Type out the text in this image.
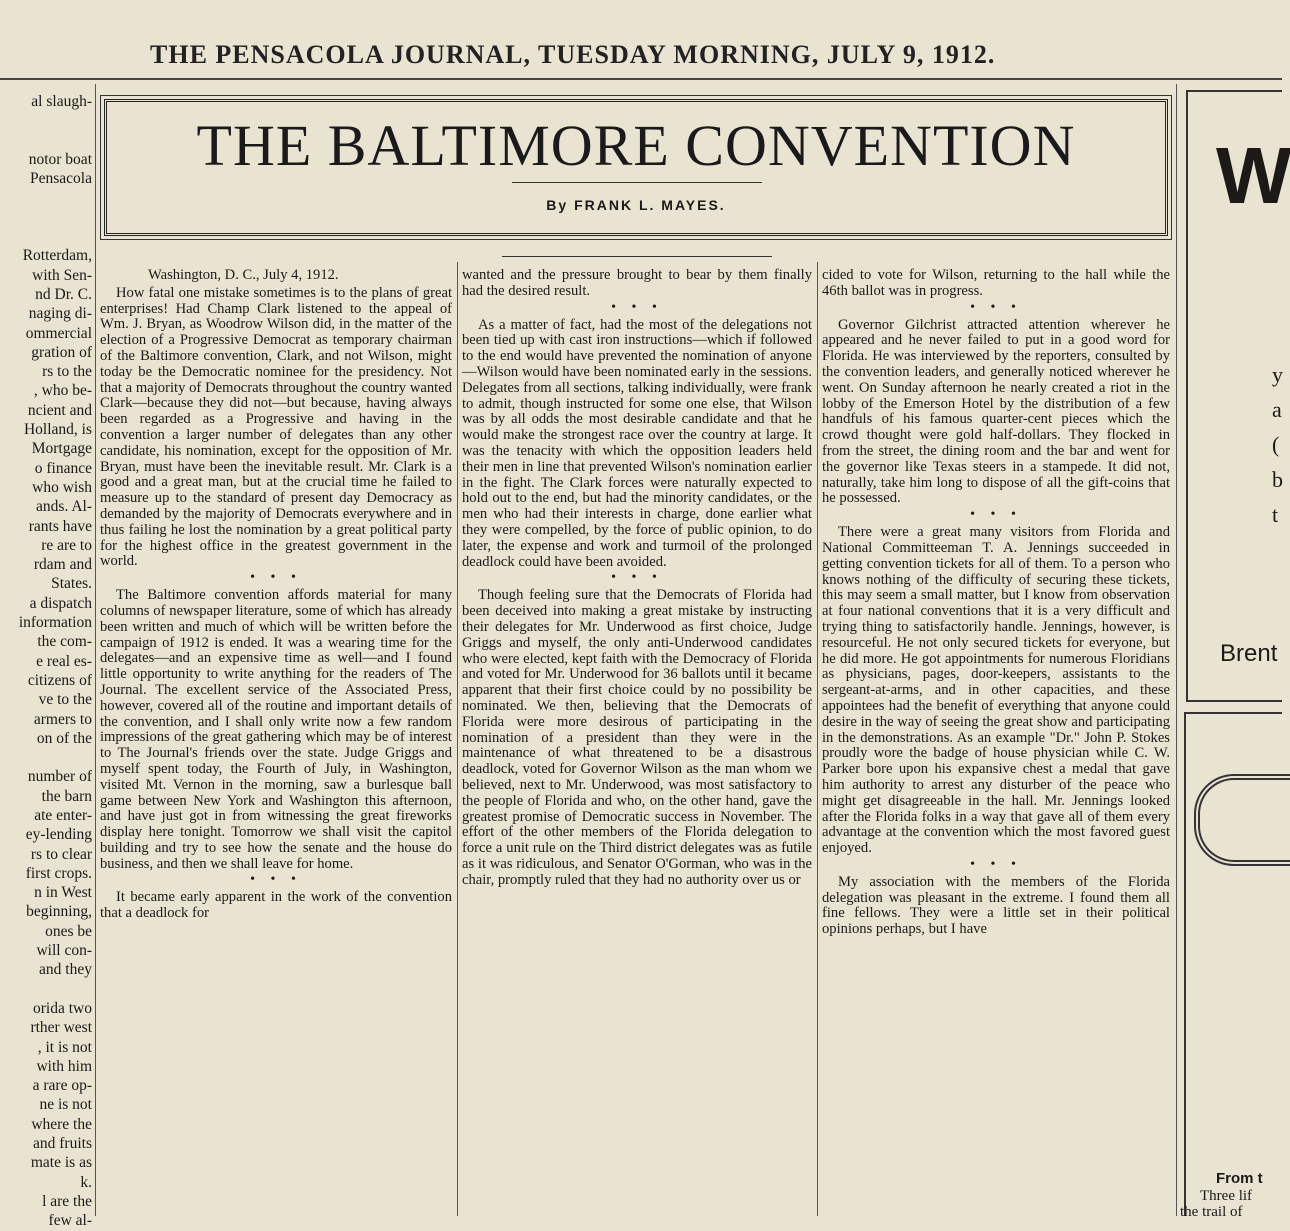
THE PENSACOLA JOURNAL, TUESDAY MORNING, JULY 9, 1912.
al slaugh-

notor boat
Pensacola

Rotterdam,
with Sen-
nd Dr. C.
naging di-
ommercial
gration of
rs to the
, who be-
ncient and
Holland, is
Mortgage
o finance
who wish
ands. Al-
rants have
re are to
rdam and
States.
a dispatch
information
the com-
e real es-
citizens of
ve to the
armers to
on of the

number of
the barn
ate enter-
ey-lending
rs to clear
first crops.
n in West
beginning,
ones be
will con-
and they

orida two
rther west
, it is not
with him
a rare op-
ne is not
where the
and fruits
mate is as
k.
l are the
few al-
THE BALTIMORE CONVENTION
By FRANK L. MAYES.

Washington, D. C., July 4, 1912.

How fatal one mistake sometimes is to the plans of great enterprises! Had Champ Clark listened to the appeal of Wm. J. Bryan, as Woodrow Wilson did, in the matter of the election of a Progressive Democrat as temporary chairman of the Baltimore convention, Clark, and not Wilson, might today be the Democratic nominee for the presidency. Not that a majority of Democrats throughout the country wanted Clark—because they did not—but because, having always been regarded as a Progressive and having in the convention a larger number of delegates than any other candidate, his nomination, except for the opposition of Mr. Bryan, must have been the inevitable result. Mr. Clark is a good and a great man, but at the crucial time he failed to measure up to the standard of present day Democracy as demanded by the majority of Democrats everywhere and in thus failing he lost the nomination by a great political party for the highest office in the greatest government in the world.

• • •

The Baltimore convention affords material for many columns of newspaper literature, some of which has already been written and much of which will be written before the campaign of 1912 is ended. It was a wearing time for the delegates—and an expensive time as well—and I found little opportunity to write anything for the readers of The Journal. The excellent service of the Associated Press, however, covered all of the routine and important details of the convention, and I shall only write now a few random impressions of the great gathering which may be of interest to The Journal's friends over the state. Judge Griggs and myself spent today, the Fourth of July, in Washington, visited Mt. Vernon in the morning, saw a burlesque ball game between New York and Washington this afternoon, and have just got in from witnessing the great fireworks display here tonight. Tomorrow we shall visit the capitol building and try to see how the senate and the house do business, and then we shall leave for home.

• • •

It became early apparent in the work of the convention that a deadlock for

wanted and the pressure brought to bear by them finally had the desired result.

• • •

As a matter of fact, had the most of the delegations not been tied up with cast iron instructions—which if followed to the end would have prevented the nomination of anyone—Wilson would have been nominated early in the sessions. Delegates from all sections, talking individually, were frank to admit, though instructed for some one else, that Wilson was by all odds the most desirable candidate and that he would make the strongest race over the country at large. It was the tenacity with which the opposition leaders held their men in line that prevented Wilson's nomination earlier in the fight. The Clark forces were naturally expected to hold out to the end, but had the minority candidates, or the men who had their interests in charge, done earlier what they were compelled, by the force of public opinion, to do later, the expense and work and turmoil of the prolonged deadlock could have been avoided.

• • •

Though feeling sure that the Democrats of Florida had been deceived into making a great mistake by instructing their delegates for Mr. Underwood as first choice, Judge Griggs and myself, the only anti-Underwood candidates who were elected, kept faith with the Democracy of Florida and voted for Mr. Underwood for 36 ballots until it became apparent that their first choice could by no possibility be nominated. We then, believing that the Democrats of Florida were more desirous of participating in the nomination of a president than they were in the maintenance of what threatened to be a disastrous deadlock, voted for Governor Wilson as the man whom we believed, next to Mr. Underwood, was most satisfactory to the people of Florida and who, on the other hand, gave the greatest promise of Democratic success in November. The effort of the other members of the Florida delegation to force a unit rule on the Third district delegates was as futile as it was ridiculous, and Senator O'Gorman, who was in the chair, promptly ruled that they had no authority over us or

cided to vote for Wilson, returning to the hall while the 46th ballot was in progress.

• • •

Governor Gilchrist attracted attention wherever he appeared and he never failed to put in a good word for Florida. He was interviewed by the reporters, consulted by the convention leaders, and generally noticed wherever he went. On Sunday afternoon he nearly created a riot in the lobby of the Emerson Hotel by the distribution of a few handfuls of his famous quarter-cent pieces which the crowd thought were gold half-dollars. They flocked in from the street, the dining room and the bar and went for the governor like Texas steers in a stampede. It did not, naturally, take him long to dispose of all the gift-coins that he possessed.

• • •

There were a great many visitors from Florida and National Committeeman T. A. Jennings succeeded in getting convention tickets for all of them. To a person who knows nothing of the difficulty of securing these tickets, this may seem a small matter, but I know from observation at four national conventions that it is a very difficult and trying thing to satisfactorily handle. Jennings, however, is resourceful. He not only secured tickets for everyone, but he did more. He got appointments for numerous Floridians as physicians, pages, door-keepers, assistants to the sergeant-at-arms, and in other capacities, and these appointees had the benefit of everything that anyone could desire in the way of seeing the great show and participating in the demonstrations. As an example "Dr." John P. Stokes proudly wore the badge of house physician while C. W. Parker bore upon his expansive chest a medal that gave him authority to arrest any disturber of the peace who might get disagreeable in the hall. Mr. Jennings looked after the Florida folks in a way that gave all of them every advantage at the convention which the most favored guest enjoyed.

• • •

My association with the members of the Florida delegation was pleasant in the extreme. I found them all fine fellows. They were a little set in their political opinions perhaps, but I have

W
y
a
(
b
t
Brent
From t
Three lif
the trail of
